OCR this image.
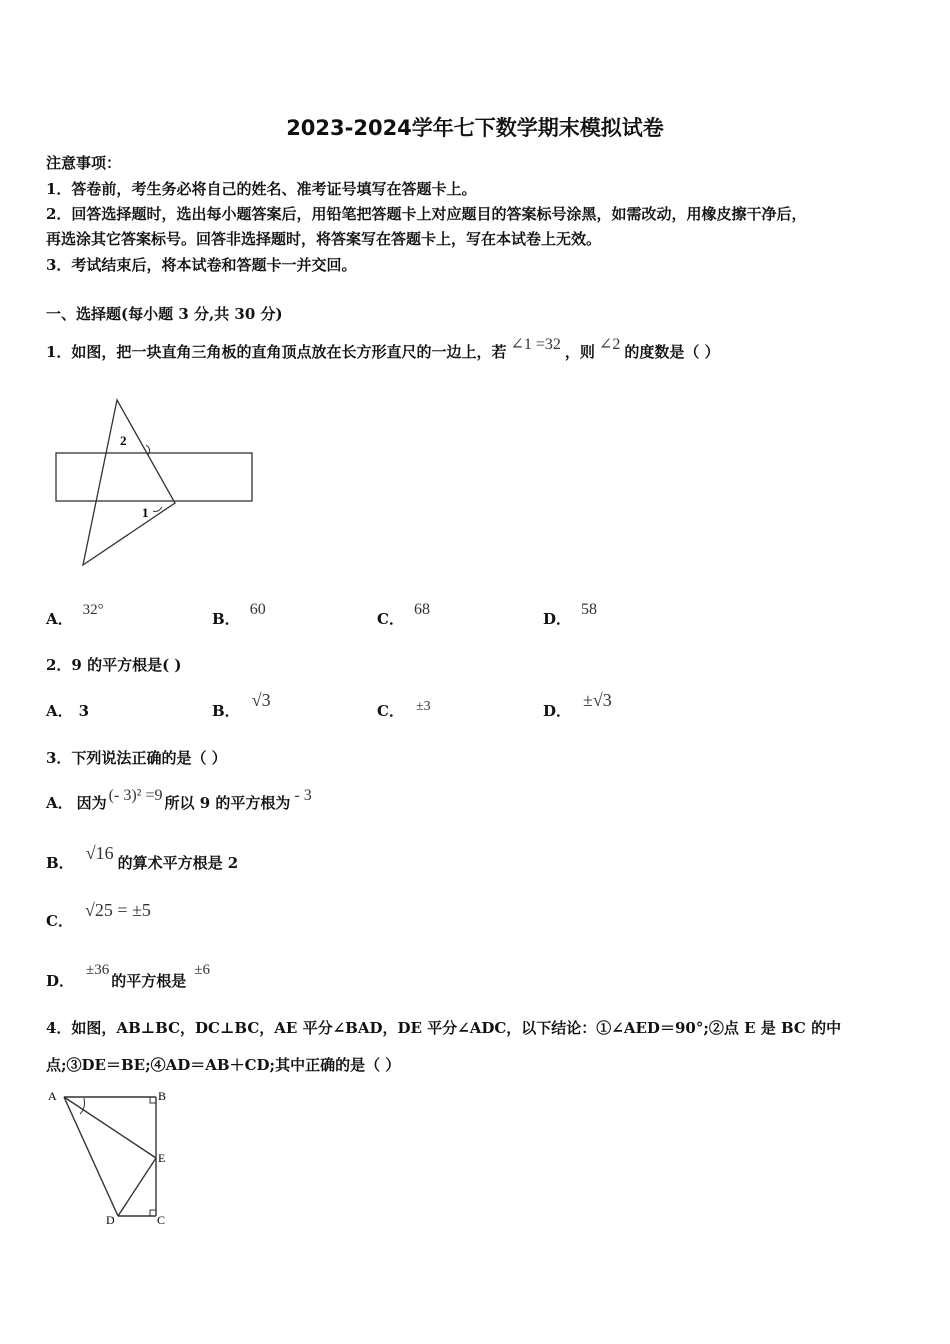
2023-2024学年七下数学期末模拟试卷
注意事项：
1．答卷前，考生务必将自己的姓名、准考证号填写在答题卡上。
2．回答选择题时，选出每小题答案后，用铅笔把答题卡上对应题目的答案标号涂黑，如需改动，用橡皮擦干净后，
再选涂其它答案标号。回答非选择题时，将答案写在答题卡上，写在本试卷上无效。
3．考试结束后，将本试卷和答题卡一并交回。
一、选择题(每小题 3 分,共 30 分)
1．如图，把一块直角三角板的直角顶点放在长方形直尺的一边上，若 ∠1 =32 ，则 ∠2 的度数是（ ）
2
1
A． 32°	B．60
C．68
D．58
2．9 的平方根是( )
A． 3	B．√3
C． ±3	D．±√3
3．下列说法正确的是（ ）
A． 因为 (- 3)² =9 所以 9 的平方根为 - 3
B． √16 的算术平方根是 2
C．√25 = ±5
D．±36的平方根是±6
4．如图，AB⊥BC，DC⊥BC，AE 平分∠BAD，DE 平分∠ADC，以下结论：①∠AED＝90°;②点 E 是 BC 的中
点;③DE＝BE;④AD＝AB＋CD;其中正确的是（ ）
A	B
E
D	C
